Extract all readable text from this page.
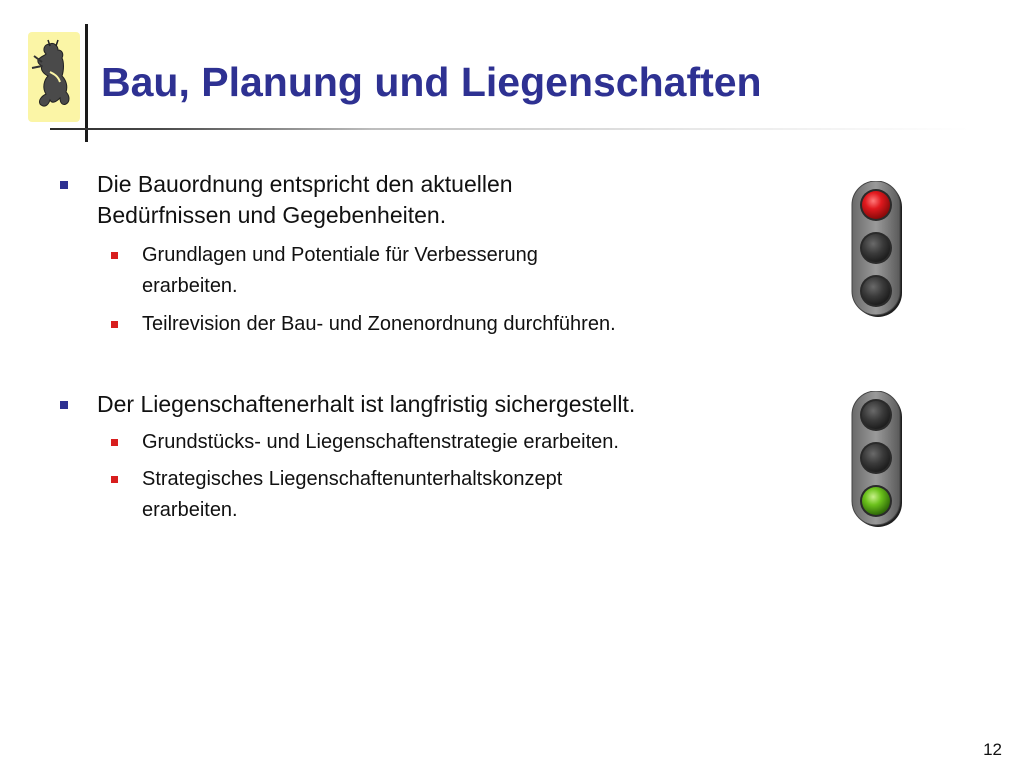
Bau, Planung und Liegenschaften
Die Bauordnung entspricht den aktuellen
Bedürfnissen und Gegebenheiten.
Grundlagen und Potentiale für Verbesserung
erarbeiten.
Teilrevision der Bau- und Zonenordnung durchführen.
Der Liegenschaftenerhalt ist langfristig sichergestellt.
Grundstücks- und Liegenschaftenstrategie erarbeiten.
Strategisches Liegenschaftenunterhaltskonzept
erarbeiten.
12
